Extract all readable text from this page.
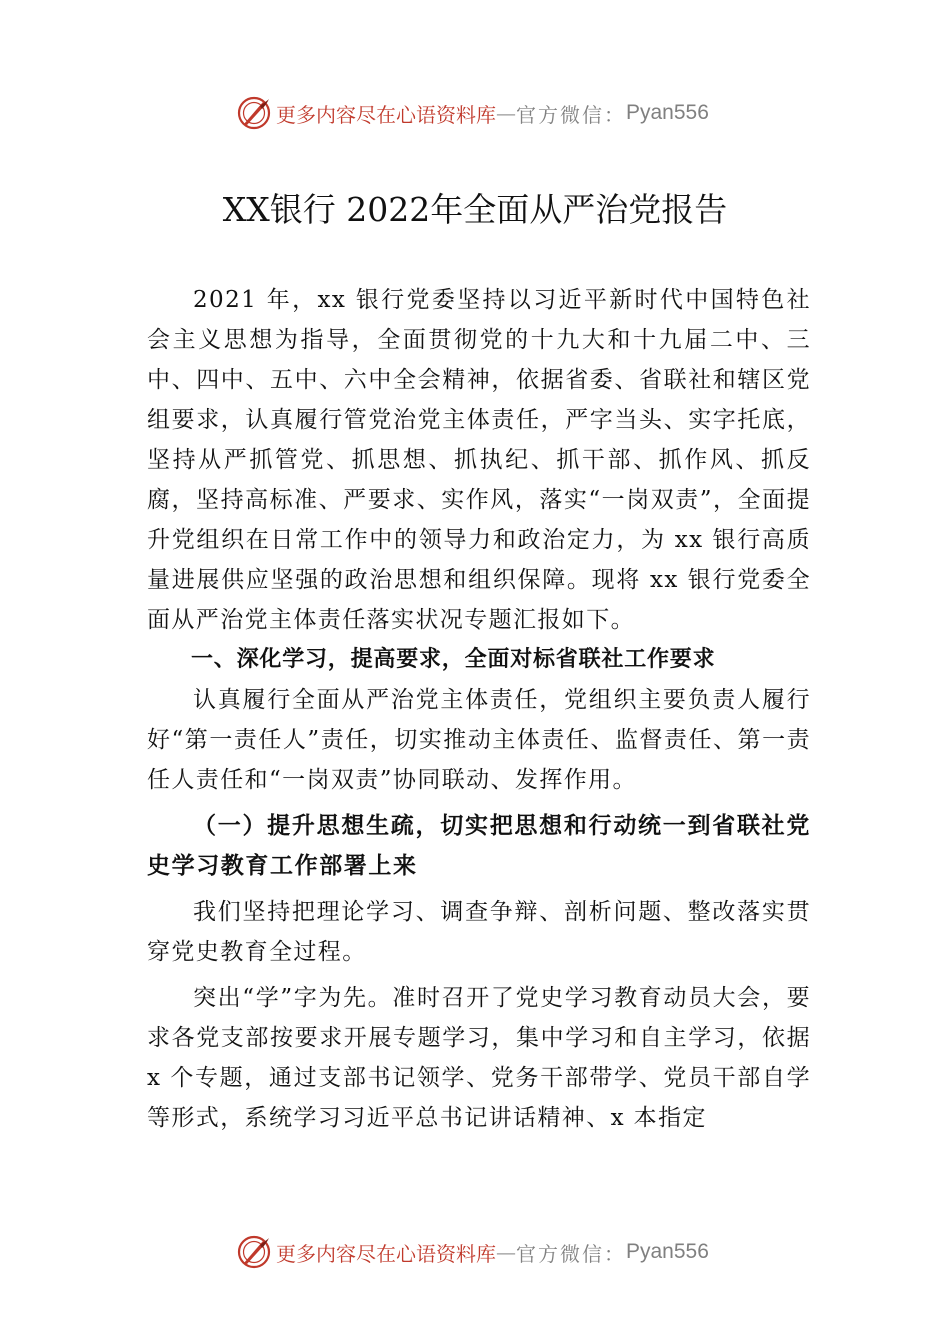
更多内容尽在心语资料库 — 官方微信： Pyan556
XX银行 2022年全面从严治党报告

2021 年，xx 银行党委坚持以习近平新时代中国特色社会主义思想为指导，全面贯彻党的十九大和十九届二中、三中、四中、五中、六中全会精神，依据省委、省联社和辖区党组要求，认真履行管党治党主体责任，严字当头、实字托底，坚持从严抓管党、抓思想、抓执纪、抓干部、抓作风、抓反腐，坚持高标准、严要求、实作风，落实“一岗双责”，全面提升党组织在日常工作中的领导力和政治定力，为 xx 银行高质量进展供应坚强的政治思想和组织保障。现将 xx 银行党委全面从严治党主体责任落实状况专题汇报如下。

一、深化学习，提高要求，全面对标省联社工作要求

认真履行全面从严治党主体责任，党组织主要负责人履行好“第一责任人”责任，切实推动主体责任、监督责任、第一责任人责任和“一岗双责”协同联动、发挥作用。

（一）提升思想生疏，切实把思想和行动统一到省联社党史学习教育工作部署上来

我们坚持把理论学习、调查争辩、剖析问题、整改落实贯穿党史教育全过程。

突出“学”字为先。准时召开了党史学习教育动员大会，要求各党支部按要求开展专题学习，集中学习和自主学习，依据 x 个专题，通过支部书记领学、党务干部带学、党员干部自学等形式，系统学习习近平总书记讲话精神、x 本指定

更多内容尽在心语资料库 — 官方微信： Pyan556
